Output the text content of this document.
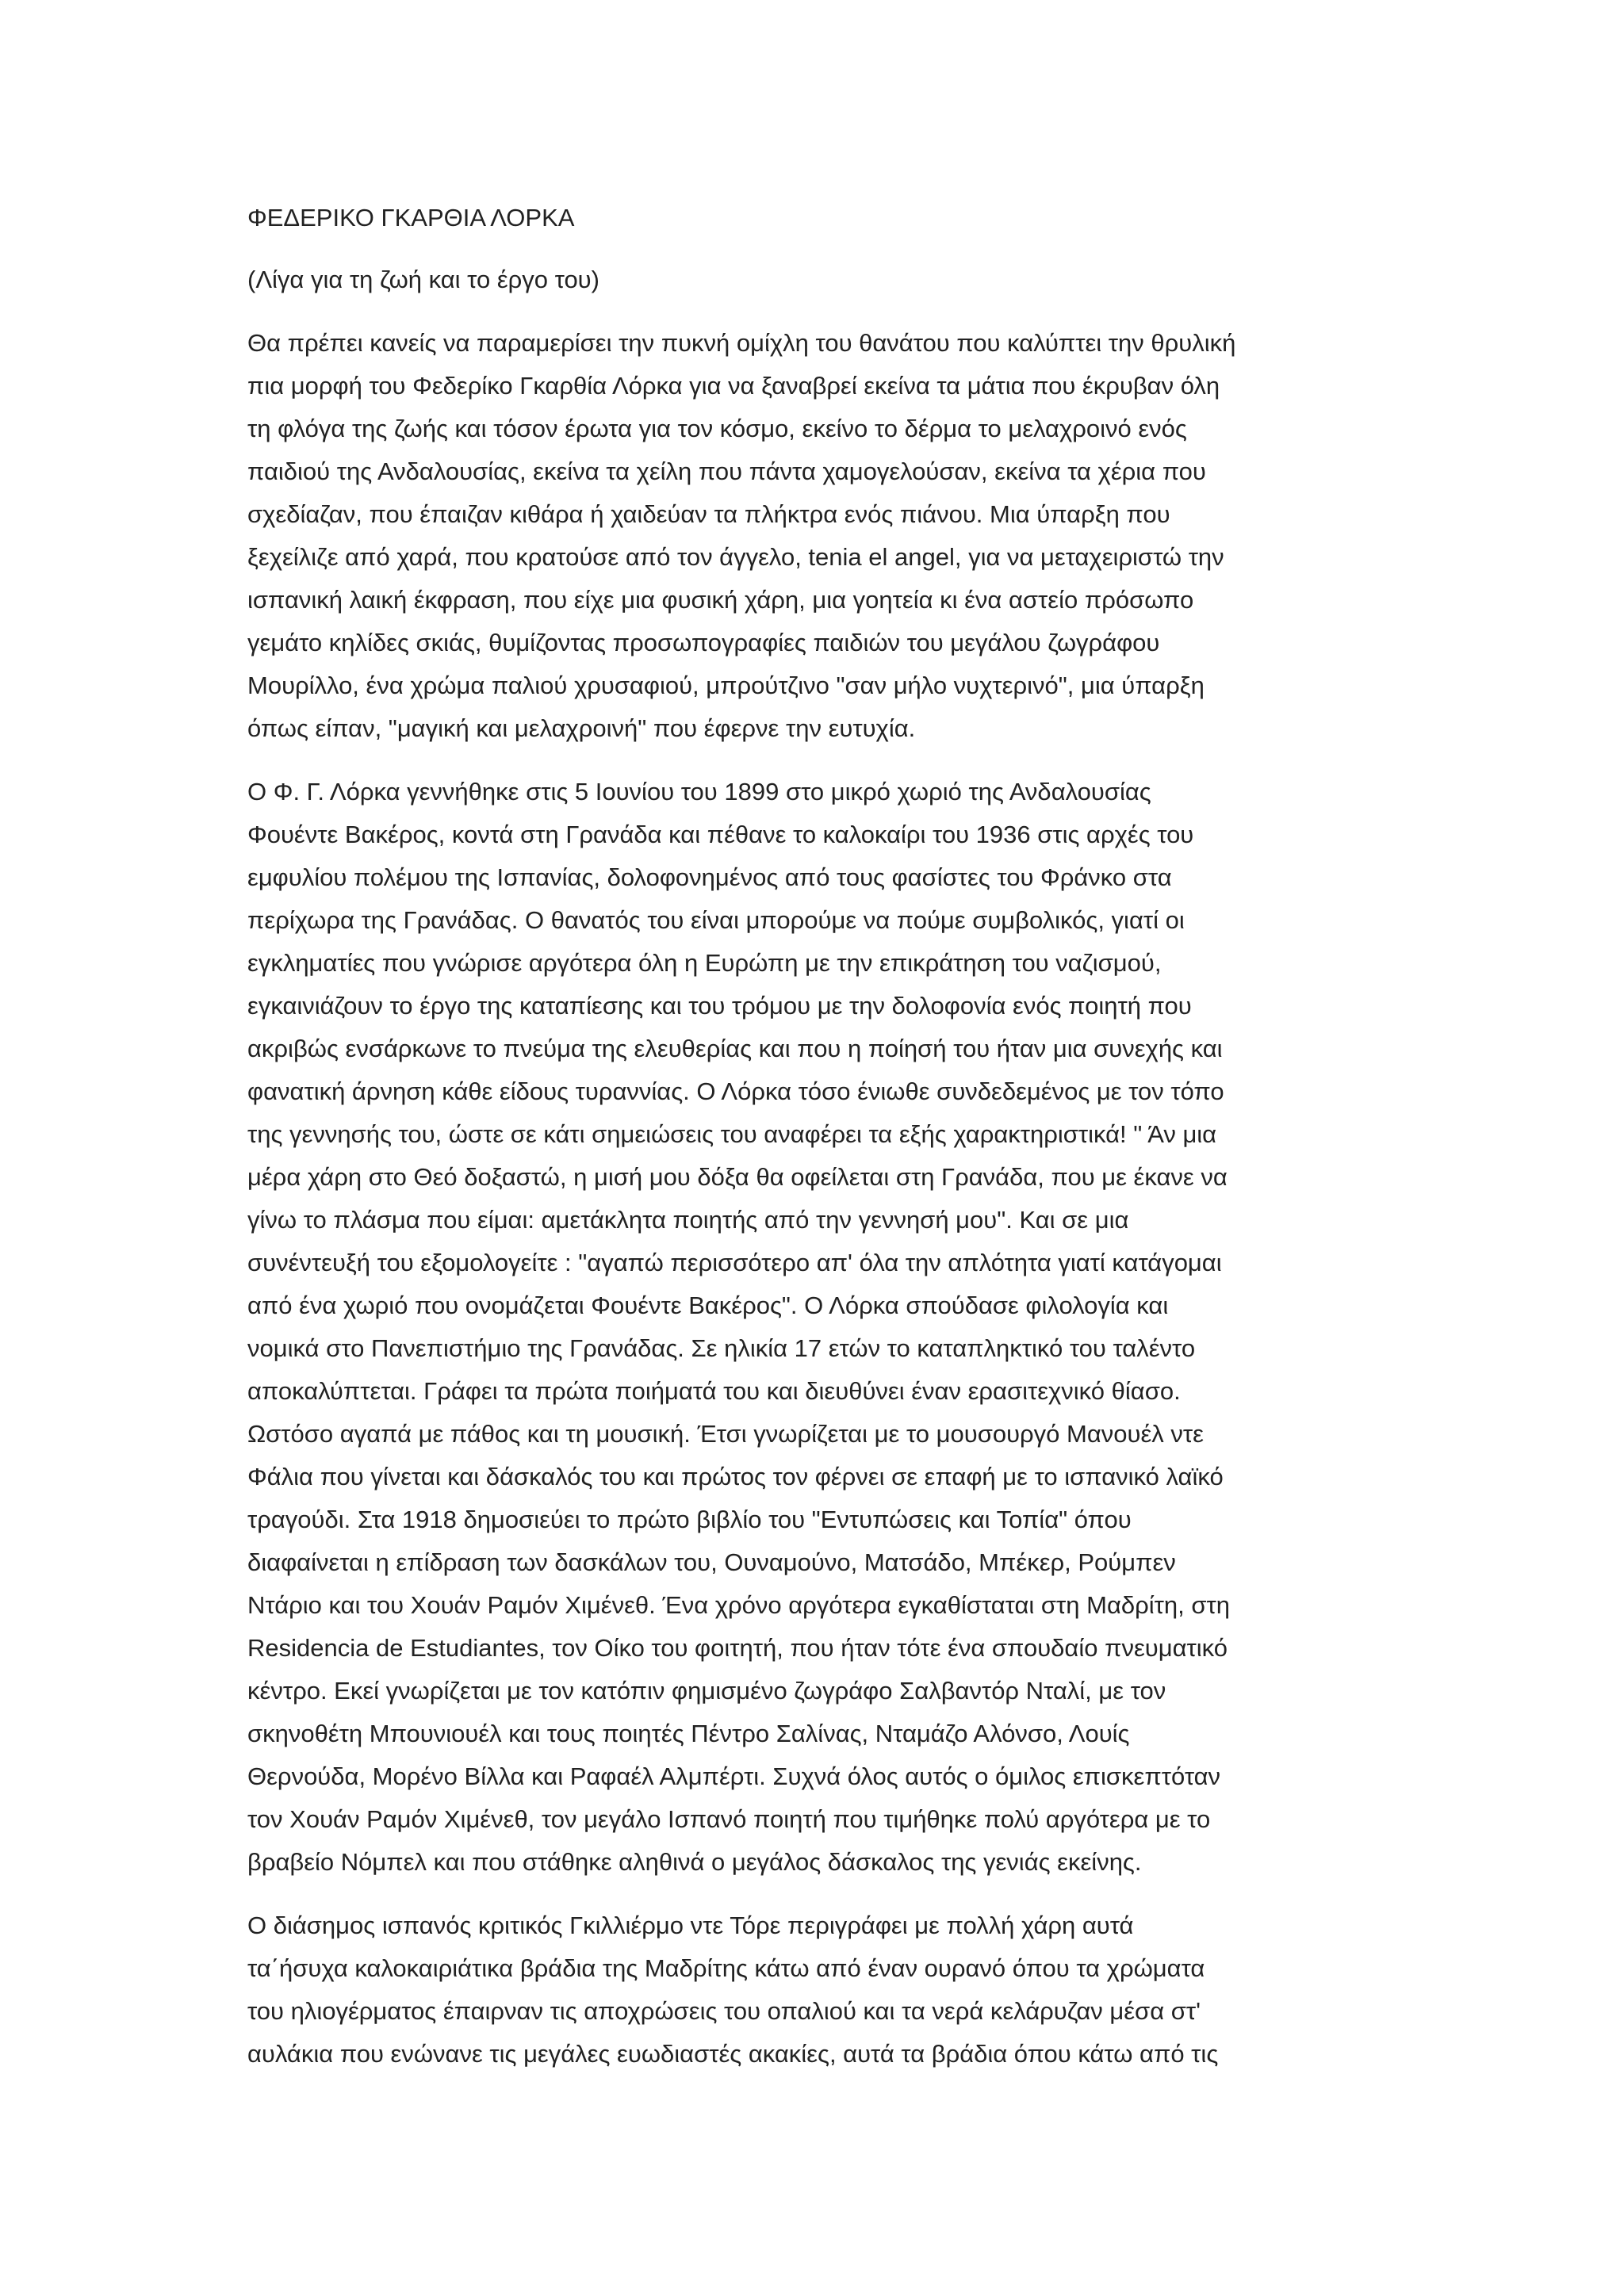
ΦΕΔΕΡΙΚΟ ΓΚΑΡΘΙΑ ΛΟΡΚΑ
(Λίγα για τη ζωή και το έργο του)
Θα πρέπει κανείς να παραμερίσει την πυκνή ομίχλη του θανάτου που καλύπτει την θρυλική
πια μορφή του Φεδερίκο Γκαρθία Λόρκα για να ξαναβρεί εκείνα τα μάτια που έκρυβαν όλη
τη φλόγα της ζωής και τόσον έρωτα για τον κόσμο, εκείνο το δέρμα το μελαχροινό ενός
παιδιού της Ανδαλουσίας, εκείνα τα χείλη που πάντα χαμογελούσαν, εκείνα τα χέρια που
σχεδίαζαν, που έπαιζαν κιθάρα ή χαιδεύαν τα πλήκτρα ενός πιάνου. Μια ύπαρξη που
ξεχείλιζε από χαρά, που κρατούσε από τον άγγελο, tenia el angel, για να μεταχειριστώ την
ισπανική λαική έκφραση, που είχε μια φυσική χάρη, μια γοητεία κι ένα αστείο πρόσωπο
γεμάτο κηλίδες σκιάς, θυμίζοντας προσωπογραφίες παιδιών του μεγάλου ζωγράφου
Μουρίλλο, ένα χρώμα παλιού χρυσαφιού, μπρούτζινο "σαν μήλο νυχτερινό", μια ύπαρξη
όπως είπαν, "μαγική και μελαχροινή" που έφερνε την ευτυχία.
Ο Φ. Γ. Λόρκα γεννήθηκε στις 5 Ιουνίου του 1899 στο μικρό χωριό της Ανδαλουσίας
Φουέντε Βακέρος, κοντά στη Γρανάδα και πέθανε το καλοκαίρι του 1936 στις αρχές του
εμφυλίου πολέμου της Ισπανίας, δολοφονημένος από τους φασίστες του Φράνκο στα
περίχωρα της Γρανάδας. Ο θανατός του είναι μπορούμε να πούμε συμβολικός, γιατί οι
εγκληματίες που γνώρισε αργότερα όλη η Ευρώπη με την επικράτηση του ναζισμού,
εγκαινιάζουν το έργο της καταπίεσης και του τρόμου με την δολοφονία ενός ποιητή που
ακριβώς ενσάρκωνε το πνεύμα της ελευθερίας και που η ποίησή του ήταν μια συνεχής και
φανατική άρνηση κάθε είδους τυραννίας. Ο Λόρκα τόσο ένιωθε συνδεδεμένος με τον τόπο
της γεννησής του, ώστε σε κάτι σημειώσεις του αναφέρει τα εξής χαρακτηριστικά! " Άν μια
μέρα χάρη στο Θεό δοξαστώ, η μισή μου δόξα θα οφείλεται στη Γρανάδα, που με έκανε να
γίνω το πλάσμα που είμαι: αμετάκλητα ποιητής από την γεννησή μου". Και σε μια
συνέντευξή του εξομολογείτε : "αγαπώ περισσότερο απ' όλα την απλότητα γιατί κατάγομαι
από ένα χωριό που ονομάζεται Φουέντε Βακέρος". Ο Λόρκα σπούδασε φιλολογία και
νομικά στο Πανεπιστήμιο της Γρανάδας. Σε ηλικία 17 ετών το καταπληκτικό του ταλέντο
αποκαλύπτεται. Γράφει τα πρώτα ποιήματά του και διευθύνει έναν ερασιτεχνικό θίασο.
Ωστόσο αγαπά με πάθος και τη μουσική. Έτσι γνωρίζεται με το μουσουργό Μανουέλ ντε
Φάλια που γίνεται και δάσκαλός του και πρώτος τον φέρνει σε επαφή με το ισπανικό λαϊκό
τραγούδι. Στα 1918 δημοσιεύει το πρώτο βιβλίο του "Εντυπώσεις και Τοπία" όπου
διαφαίνεται η επίδραση των δασκάλων του, Ουναμούνο, Ματσάδο, Μπέκερ, Ρούμπεν
Ντάριο και του Χουάν Ραμόν Χιμένεθ. Ένα χρόνο αργότερα εγκαθίσταται στη Μαδρίτη, στη
Residencia de Estudiantes, τον Οίκο του φοιτητή, που ήταν τότε ένα σπουδαίο πνευματικό
κέντρο. Εκεί γνωρίζεται με τον κατόπιν φημισμένο ζωγράφο Σαλβαντόρ Νταλί, με τον
σκηνοθέτη Μπουνιουέλ και τους ποιητές Πέντρο Σαλίνας, Νταμάζο Αλόνσο, Λουίς
Θερνούδα, Μορένο Βίλλα και Ραφαέλ Αλμπέρτι. Συχνά όλος αυτός ο όμιλος επισκεπτόταν
τον Χουάν Ραμόν Χιμένεθ, τον μεγάλο Ισπανό ποιητή που τιμήθηκε πολύ αργότερα με το
βραβείο Νόμπελ και που στάθηκε αληθινά ο μεγάλος δάσκαλος της γενιάς εκείνης.
Ο διάσημος ισπανός κριτικός Γκιλλιέρμο ντε Τόρε περιγράφει με πολλή χάρη αυτά
τα΄ήσυχα καλοκαιριάτικα βράδια της Μαδρίτης κάτω από έναν ουρανό όπου τα χρώματα
του ηλιογέρματος έπαιρναν τις αποχρώσεις του οπαλιού και τα νερά κελάρυζαν μέσα στ'
αυλάκια που ενώνανε τις μεγάλες ευωδιαστές ακακίες, αυτά τα βράδια όπου κάτω από τις
